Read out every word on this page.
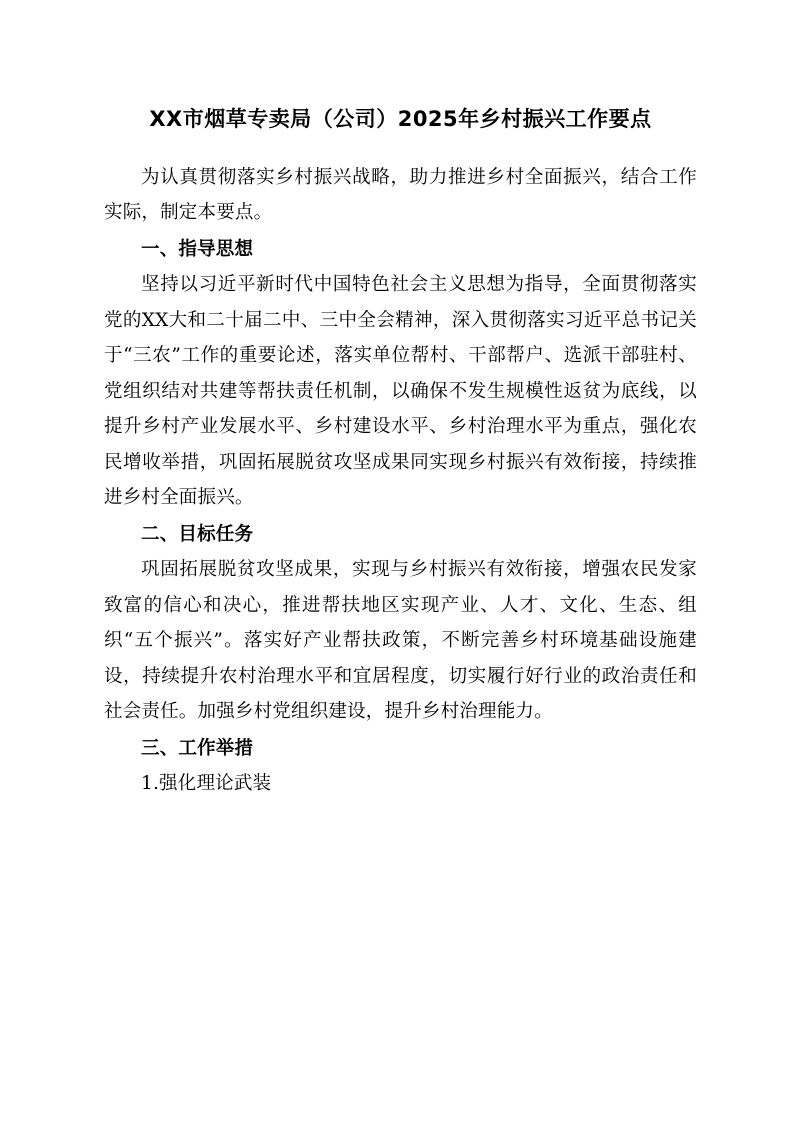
XX市烟草专卖局（公司）2025年乡村振兴工作要点

为认真贯彻落实乡村振兴战略，助力推进乡村全面振兴，结合工作实际，制定本要点。

一、指导思想

坚持以习近平新时代中国特色社会主义思想为指导，全面贯彻落实党的XX大和二十届二中、三中全会精神，深入贯彻落实习近平总书记关于“三农”工作的重要论述，落实单位帮村、干部帮户、选派干部驻村、党组织结对共建等帮扶责任机制，以确保不发生规模性返贫为底线，以提升乡村产业发展水平、乡村建设水平、乡村治理水平为重点，强化农民增收举措，巩固拓展脱贫攻坚成果同实现乡村振兴有效衔接，持续推进乡村全面振兴。

二、目标任务

巩固拓展脱贫攻坚成果，实现与乡村振兴有效衔接，增强农民发家致富的信心和决心，推进帮扶地区实现产业、人才、文化、生态、组织“五个振兴”。落实好产业帮扶政策，不断完善乡村环境基础设施建设，持续提升农村治理水平和宜居程度，切实履行好行业的政治责任和社会责任。加强乡村党组织建设，提升乡村治理能力。

三、工作举措

1.强化理论武装
